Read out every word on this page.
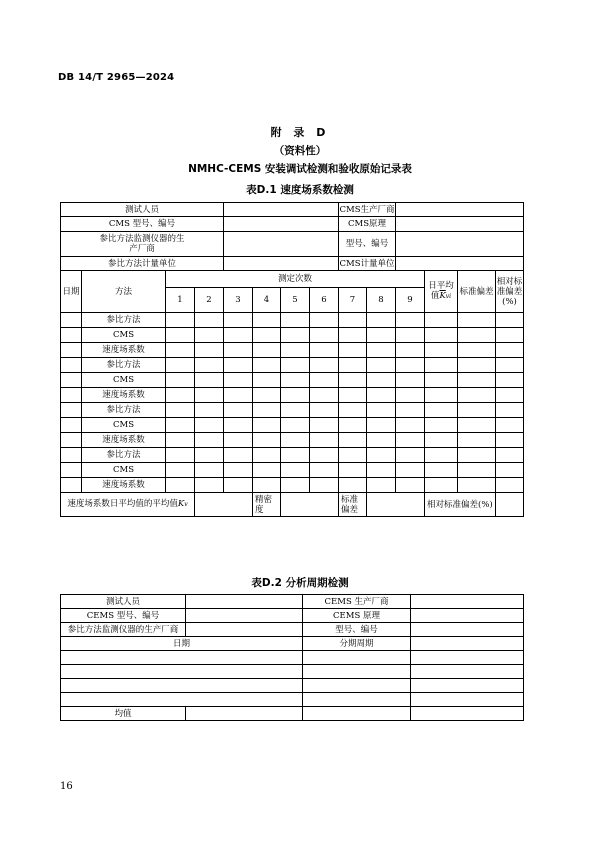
DB 14/T 2965—2024
附 录 D
（资料性）
NMHC-CEMS 安装调试检测和验收原始记录表
表D.1 速度场系数检测
测试人员								CMS生产厂商					
CMS 型号、编号								CMS原理					

参比方法监测仪器的生产厂商								型号、编号					
参比方法计量单位								CMS计量单位					
日期	方法	测定次数									日平均值$\overline{K}vi$	标准偏差	相对标准偏差(%)
		1	2	3	4	5	6	7	8	9			
	参比方法												
	CMS												
	速度场系数												
	参比方法												
	CMS												
	速度场系数												
	参比方法												
	CMS												
	速度场系数												
	参比方法												
	CMS												
	速度场系数												
速度场系数日平均值的平均值Kv					精密度			标准偏差			相对标准偏差(%)		
表D.2 分析周期检测
测试人员		CEMS 生产厂商	
CEMS 型号、编号		CEMS 原理	
参比方法监测仪器的生产厂商		型号、编号	
日期		分期周期	

均值			
16
